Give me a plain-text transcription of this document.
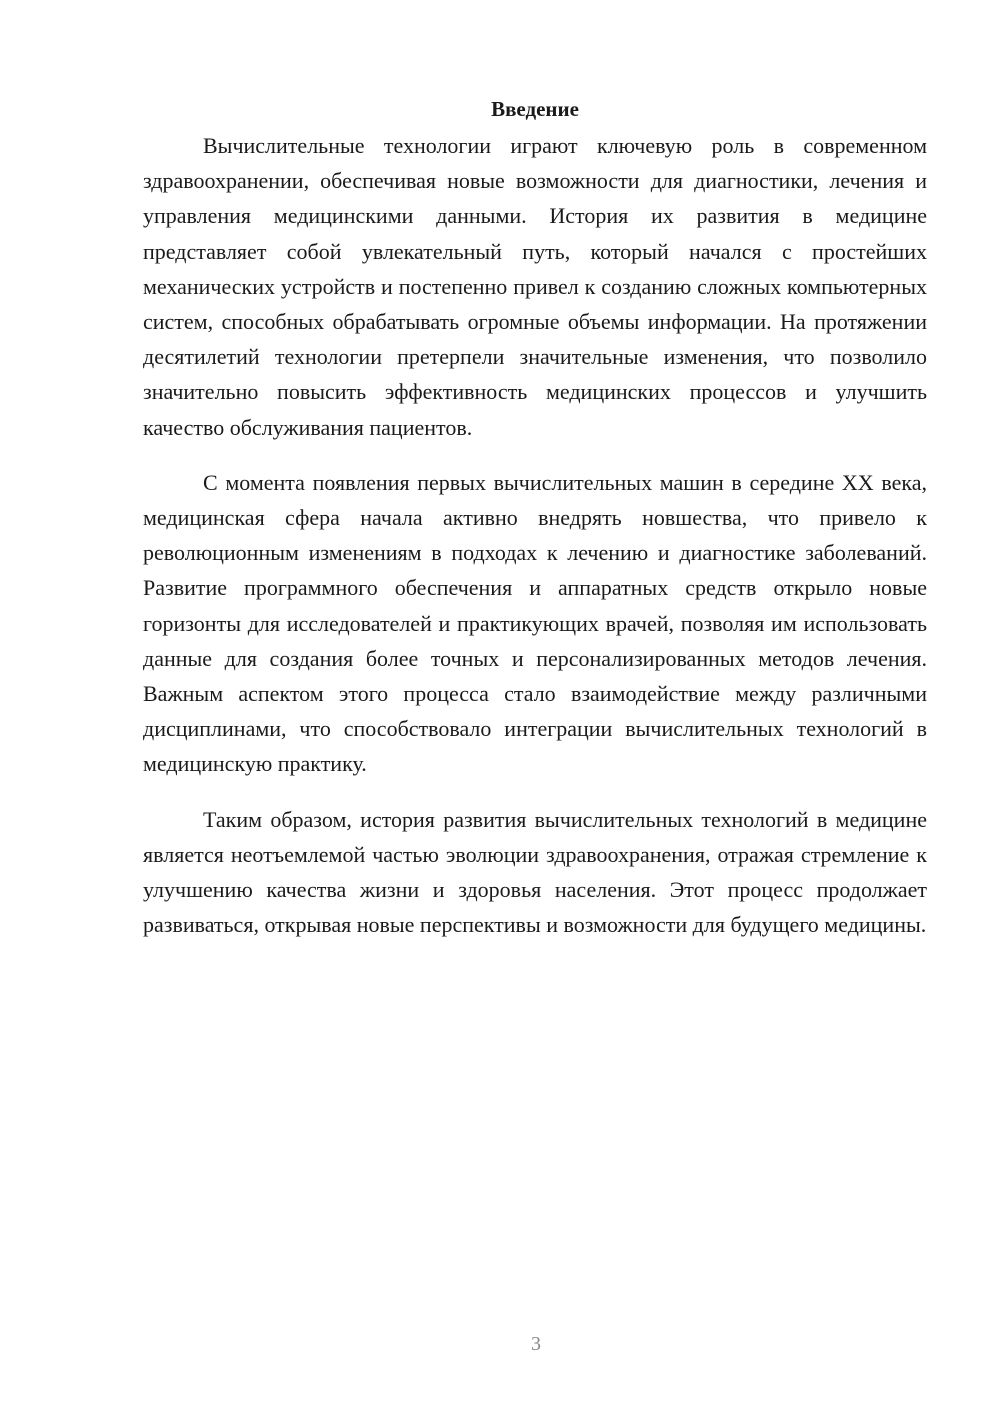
Введение

Вычислительные технологии играют ключевую роль в современном здравоохранении, обеспечивая новые возможности для диагностики, лечения и управления медицинскими данными. История их развития в медицине представляет собой увлекательный путь, который начался с простейших механических устройств и постепенно привел к созданию сложных компьютерных систем, способных обрабатывать огромные объемы информации. На протяжении десятилетий технологии претерпели значительные изменения, что позволило значительно повысить эффективность медицинских процессов и улучшить качество обслуживания пациентов.

С момента появления первых вычислительных машин в середине XX века, медицинская сфера начала активно внедрять новшества, что привело к революционным изменениям в подходах к лечению и диагностике заболеваний. Развитие программного обеспечения и аппаратных средств открыло новые горизонты для исследователей и практикующих врачей, позволяя им использовать данные для создания более точных и персонализированных методов лечения. Важным аспектом этого процесса стало взаимодействие между различными дисциплинами, что способствовало интеграции вычислительных технологий в медицинскую практику.

Таким образом, история развития вычислительных технологий в медицине является неотъемлемой частью эволюции здравоохранения, отражая стремление к улучшению качества жизни и здоровья населения. Этот процесс продолжает развиваться, открывая новые перспективы и возможности для будущего медицины.

3
